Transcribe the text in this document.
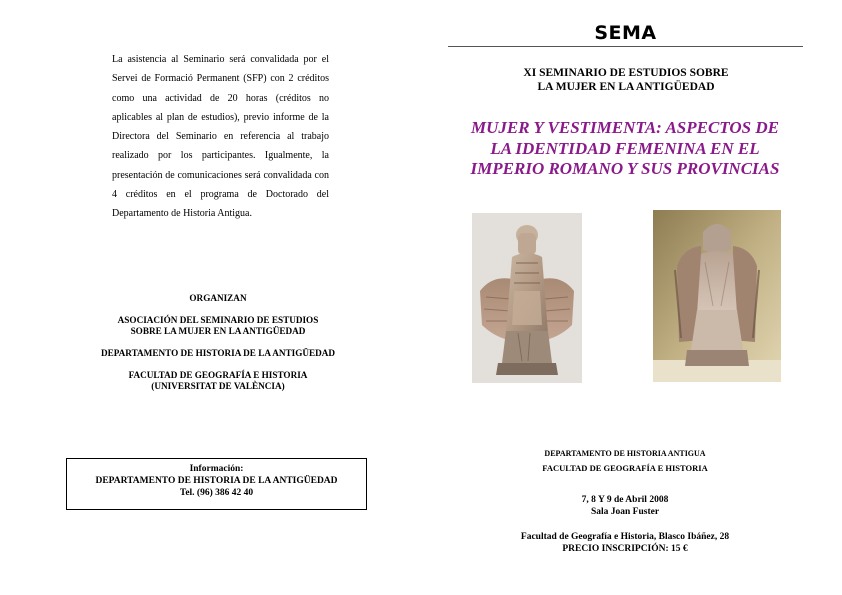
La asistencia al Seminario será convalidada por el Servei de Formació Permanent (SFP) con 2 créditos como una actividad de 20 horas (créditos no aplicables al plan de estudios), previo informe de la Directora del Seminario en referencia al trabajo realizado por los participantes. Igualmente, la presentación de comunicaciones será convalidada con 4 créditos en el programa de Doctorado del Departamento de Historia Antigua.

ORGANIZAN

ASOCIACIÓN DEL SEMINARIO DE ESTUDIOS
SOBRE LA MUJER EN LA ANTIGÜEDAD

DEPARTAMENTO DE HISTORIA DE LA ANTIGÜEDAD

FACULTAD DE GEOGRAFÍA E HISTORIA
(UNIVERSITAT DE VALÈNCIA)

Información:
DEPARTAMENTO DE HISTORIA DE LA ANTIGÜEDAD
Tel. (96) 386 42 40
SEMA
XI SEMINARIO DE ESTUDIOS SOBRE
LA MUJER EN LA ANTIGÜEDAD
MUJER Y VESTIMENTA: ASPECTOS DE
LA IDENTIDAD FEMENINA EN EL
IMPERIO ROMANO Y SUS PROVINCIAS
DEPARTAMENTO DE HISTORIA ANTIGUA
FACULTAD DE GEOGRAFÍA E HISTORIA
7, 8 Y 9 de Abril 2008
Sala Joan Fuster
Facultad de Geografía e Historia, Blasco Ibáñez, 28
PRECIO INSCRIPCIÓN: 15 €
